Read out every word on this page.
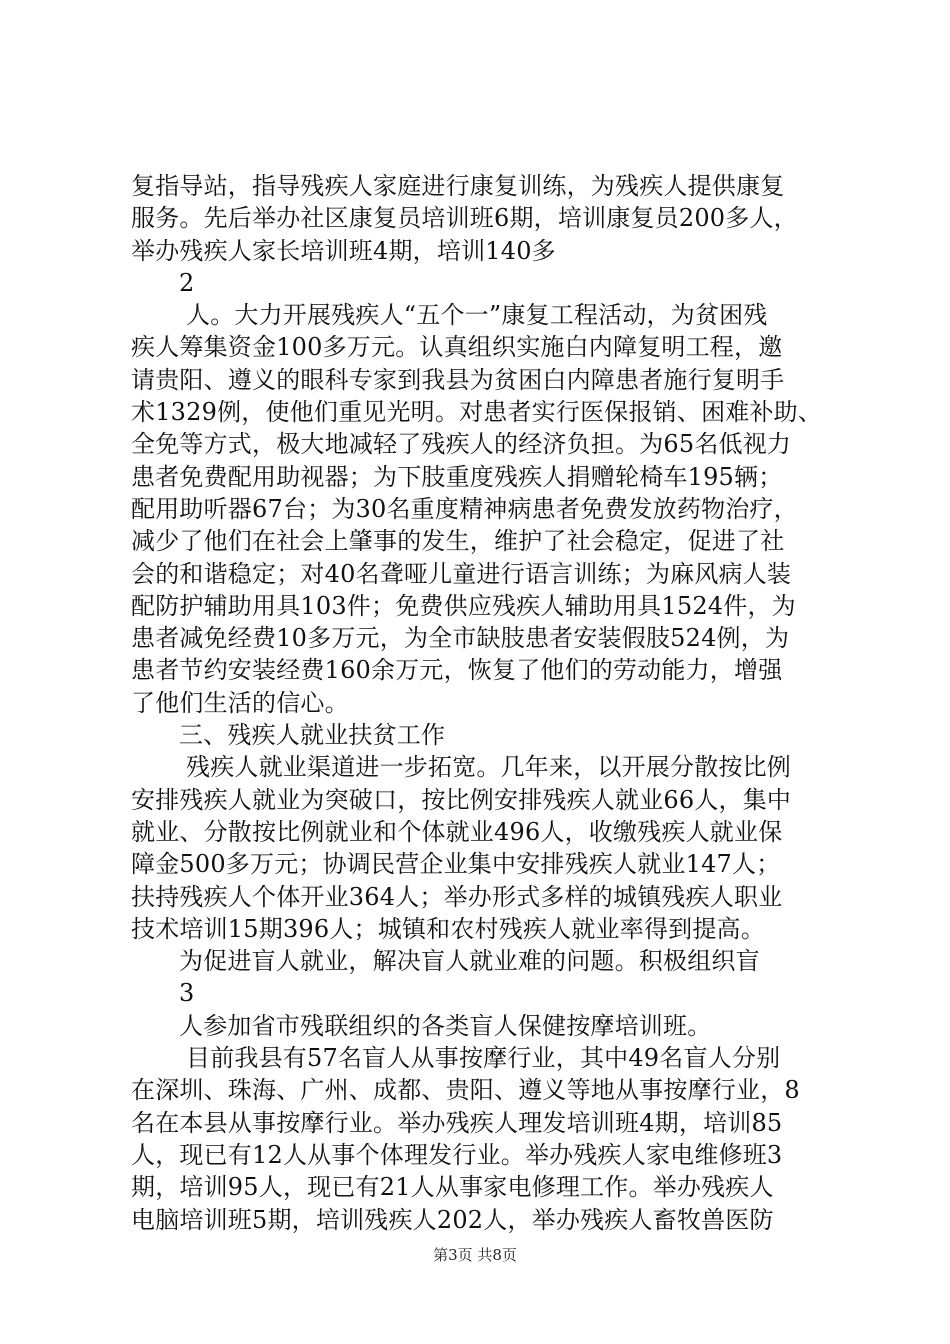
复指导站，指导残疾人家庭进行康复训练，为残疾人提供康复
服务。先后举办社区康复员培训班6期，培训康复员200多人，
举办残疾人家长培训班4期，培训140多
2
人。大力开展残疾人“五个一”康复工程活动，为贫困残
疾人筹集资金100多万元。认真组织实施白内障复明工程，邀
请贵阳、遵义的眼科专家到我县为贫困白内障患者施行复明手
术1329例，使他们重见光明。对患者实行医保报销、困难补助、
全免等方式，极大地减轻了残疾人的经济负担。为65名低视力
患者免费配用助视器；为下肢重度残疾人捐赠轮椅车195辆；
配用助听器67台；为30名重度精神病患者免费发放药物治疗，
减少了他们在社会上肇事的发生，维护了社会稳定，促进了社
会的和谐稳定；对40名聋哑儿童进行语言训练；为麻风病人装
配防护辅助用具103件；免费供应残疾人辅助用具1524件，为
患者减免经费10多万元，为全市缺肢患者安装假肢524例，为
患者节约安装经费160余万元，恢复了他们的劳动能力，增强
了他们生活的信心。
三、残疾人就业扶贫工作
残疾人就业渠道进一步拓宽。几年来，以开展分散按比例
安排残疾人就业为突破口，按比例安排残疾人就业66人，集中
就业、分散按比例就业和个体就业496人，收缴残疾人就业保
障金500多万元；协调民营企业集中安排残疾人就业147人；
扶持残疾人个体开业364人；举办形式多样的城镇残疾人职业
技术培训15期396人；城镇和农村残疾人就业率得到提高。
为促进盲人就业，解决盲人就业难的问题。积极组织盲
3
人参加省市残联组织的各类盲人保健按摩培训班。
目前我县有57名盲人从事按摩行业，其中49名盲人分别
在深圳、珠海、广州、成都、贵阳、遵义等地从事按摩行业，8
名在本县从事按摩行业。举办残疾人理发培训班4期，培训85
人，现已有12人从事个体理发行业。举办残疾人家电维修班3
期，培训95人，现已有21人从事家电修理工作。举办残疾人
电脑培训班5期，培训残疾人202人，举办残疾人畜牧兽医防
第3页 共8页
